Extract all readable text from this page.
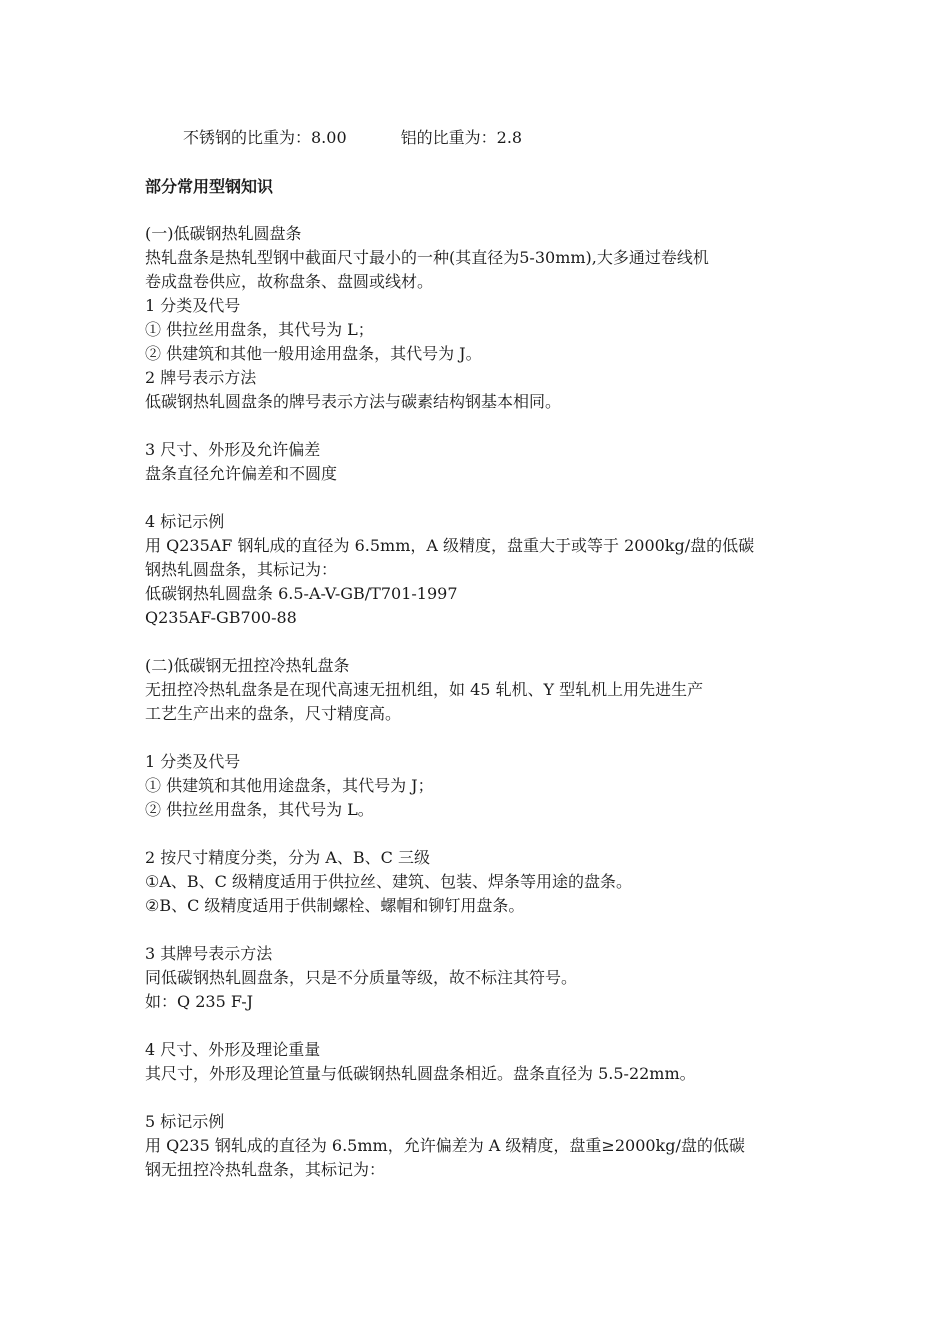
不锈钢的比重为：8.00	铝的比重为：2.8
部分常用型钢知识
(一)低碳钢热轧圆盘条
热轧盘条是热轧型钢中截面尺寸最小的一种(其直径为5-30mm),大多通过卷线机
卷成盘卷供应，故称盘条、盘圆或线材。
1 分类及代号
① 供拉丝用盘条，其代号为 L；
② 供建筑和其他一般用途用盘条，其代号为 J。
2 牌号表示方法
低碳钢热轧圆盘条的牌号表示方法与碳素结构钢基本相同。
3 尺寸、外形及允许偏差
盘条直径允许偏差和不圆度
4 标记示例
用 Q235AF 钢轧成的直径为 6.5mm，A 级精度，盘重大于或等于 2000kg/盘的低碳
钢热轧圆盘条，其标记为：
低碳钢热轧圆盘条 6.5-A-V-GB/T701-1997
Q235AF-GB700-88
(二)低碳钢无扭控冷热轧盘条
无扭控冷热轧盘条是在现代高速无扭机组，如 45 轧机、Y 型轧机上用先进生产
工艺生产出来的盘条，尺寸精度高。
1 分类及代号
① 供建筑和其他用途盘条，其代号为 J；
② 供拉丝用盘条，其代号为 L。
2 按尺寸精度分类，分为 A、B、C 三级
①A、B、C 级精度适用于供拉丝、建筑、包装、焊条等用途的盘条。
②B、C 级精度适用于供制螺栓、螺帽和铆钉用盘条。
3 其牌号表示方法
同低碳钢热轧圆盘条，只是不分质量等级，故不标注其符号。
如：Q 235 F-J
4 尺寸、外形及理论重量
其尺寸，外形及理论笪量与低碳钢热轧圆盘条相近。盘条直径为 5.5-22mm。
5 标记示例
用 Q235 钢轧成的直径为 6.5mm，允许偏差为 A 级精度，盘重≥2000kg/盘的低碳
钢无扭控冷热轧盘条，其标记为：
